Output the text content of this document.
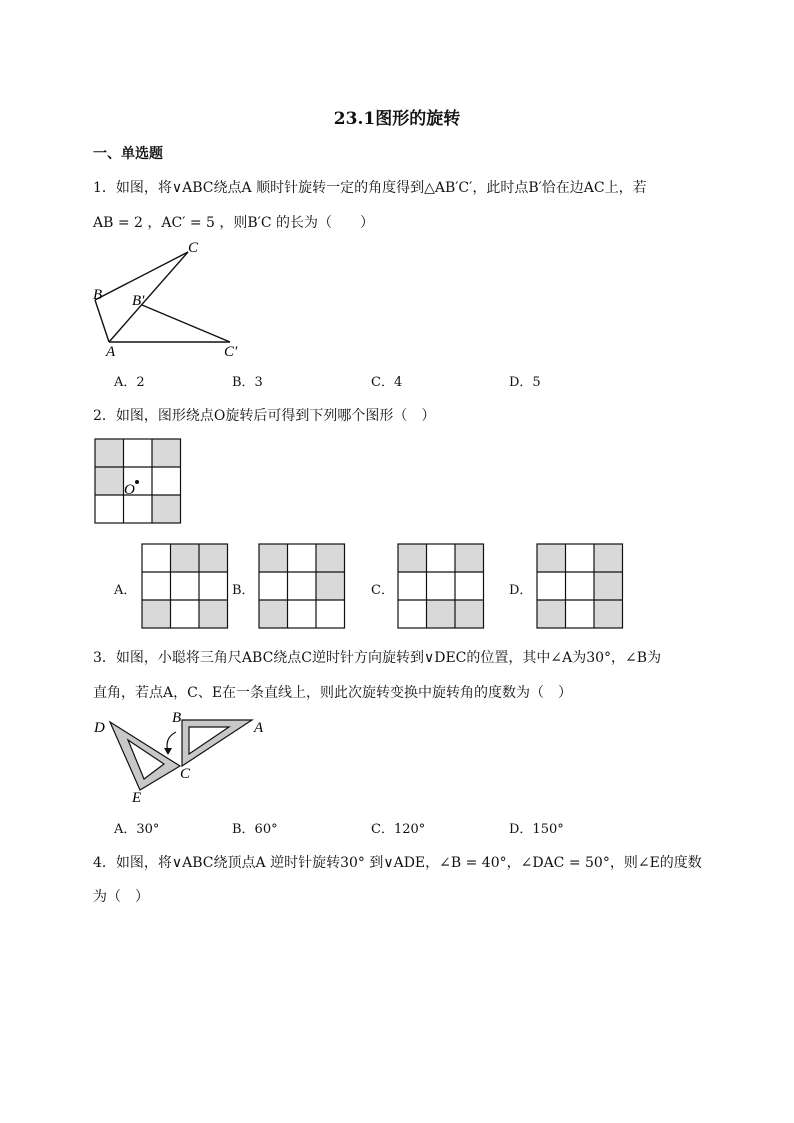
23.1图形的旋转
一、单选题
1．如图，将∨ABC绕点A 顺时针旋转一定的角度得到△AB′C′，此时点B′恰在边AC上，若
AB = 2 ，AC′ = 5 ，则B′C 的长为（　　）
C
B B′
A	C′
A．2	B．3	C．4	D．5
2．如图，图形绕点O旋转后可得到下列哪个图形（　）
O
A．	B．	C．	D．
3．如图，小聪将三角尺ABC绕点C逆时针方向旋转到∨DEC的位置，其中∠A为30°，∠B为
直角，若点A，C、E在一条直线上，则此次旋转变换中旋转角的度数为（　）
D
B
A
C
E
A．30°	B．60°	C．120°	D．150°
4．如图，将∨ABC绕顶点A 逆时针旋转30° 到∨ADE，∠B = 40°，∠DAC = 50°，则∠E的度数
为（　）
